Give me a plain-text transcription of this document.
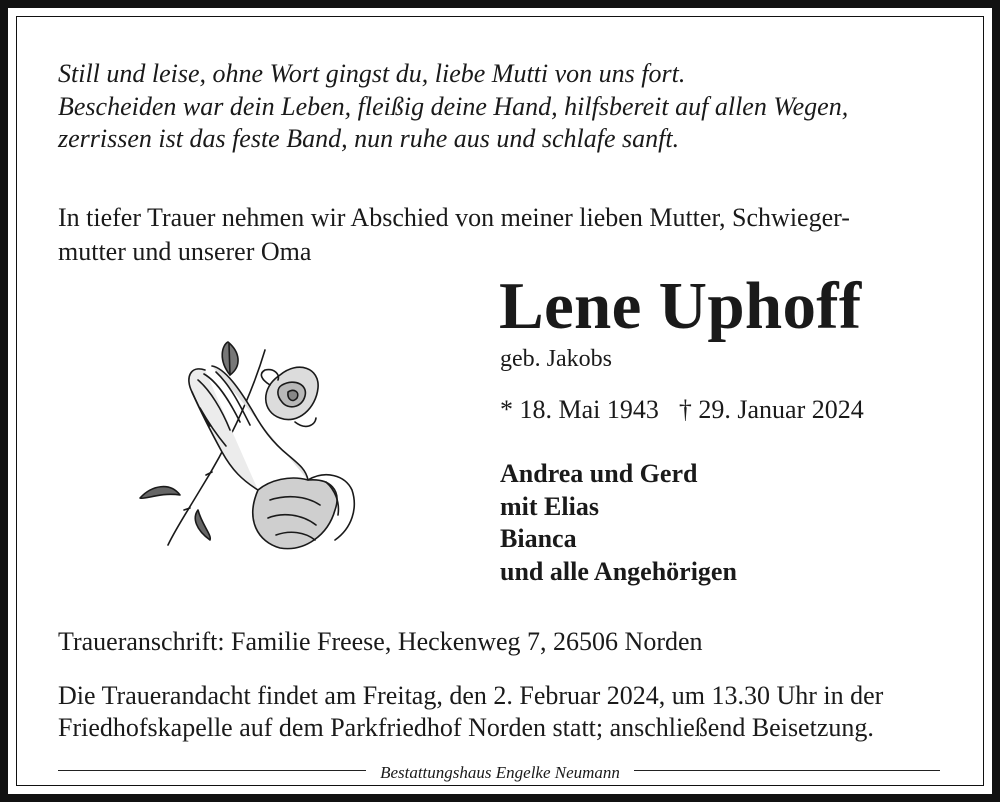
Still und leise, ohne Wort gingst du, liebe Mutti von uns fort.
Bescheiden war dein Leben, fleißig deine Hand, hilfsbereit auf allen Wegen,
zerrissen ist das feste Band, nun ruhe aus und schlafe sanft.
In tiefer Trauer nehmen wir Abschied von meiner lieben Mutter, Schwieger-
mutter und unserer Oma
Lene Uphoff
geb. Jakobs
* 18. Mai 1943 † 29. Januar 2024
Andrea und Gerd
mit Elias
Bianca
und alle Angehörigen
Traueranschrift: Familie Freese, Heckenweg 7, 26506 Norden
Die Trauerandacht findet am Freitag, den 2. Februar 2024, um 13.30 Uhr in der
Friedhofskapelle auf dem Parkfriedhof Norden statt; anschließend Beisetzung.
Bestattungshaus Engelke Neumann
